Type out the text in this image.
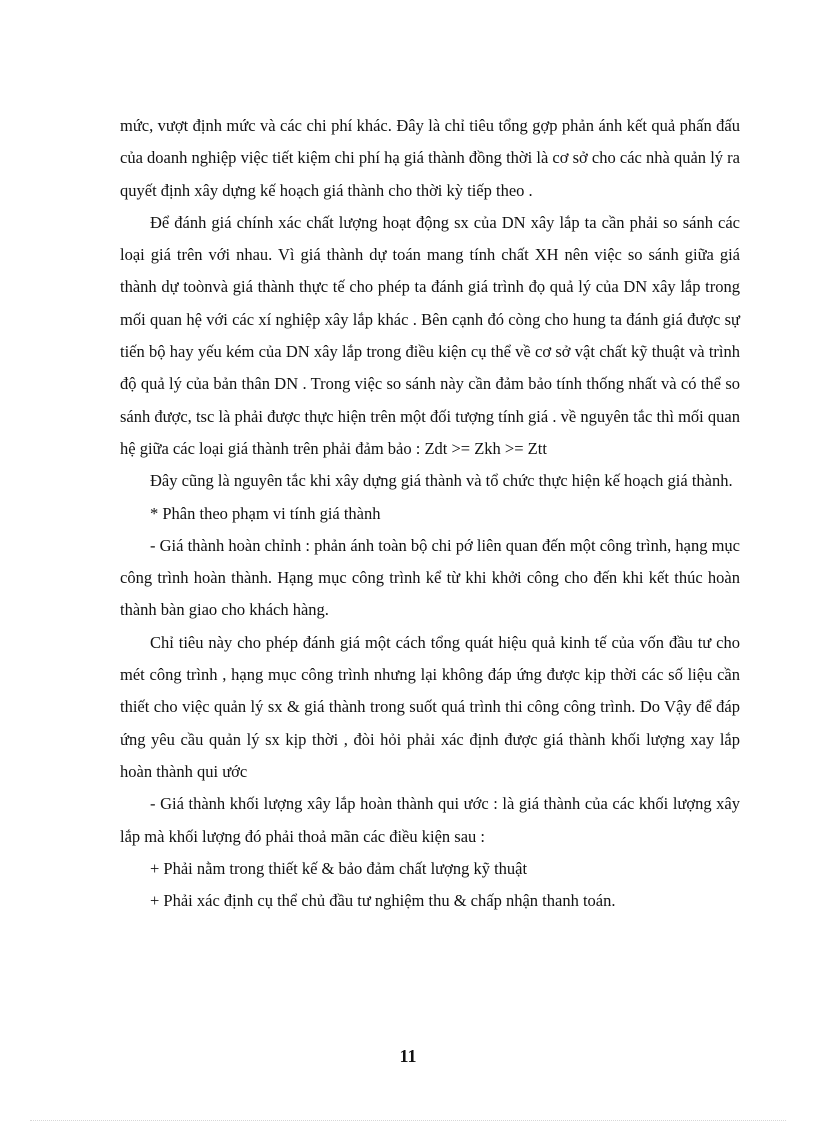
mức, vượt định mức và các chi phí khác. Đây là chỉ tiêu tổng gợp phản ánh kết quả phấn đấu của doanh nghiệp việc tiết kiệm chi phí hạ giá thành đồng thời là cơ sở cho các nhà quản lý ra quyết định xây dựng kế hoạch giá thành cho thời kỳ tiếp theo .

Để đánh giá chính xác chất lượng hoạt động sx của DN xây lắp ta cần phải so sánh các loại giá trên với nhau. Vì giá thành dự toán mang tính chất XH nên việc so sánh giữa giá thành dự toònvà giá thành thực tế cho phép ta đánh giá trình đọ quả lý của DN xây lắp trong mối quan hệ với các xí nghiệp xây lắp khác . Bên cạnh đó còng cho hung ta đánh giá được sự tiến bộ hay yếu kém của DN xây lắp trong điều kiện cụ thể về cơ sở vật chất kỹ thuật và trình độ quả lý của bản thân DN . Trong việc so sánh này cần đảm bảo tính thống nhất và có thể so sánh được, tsc là phải được thực hiện trên một đối tượng tính giá . về nguyên tắc thì mối quan hệ giữa các loại giá thành trên phải đảm bảo : Zdt >= Zkh >= Ztt

Đây cũng là nguyên tắc khi xây dựng giá thành và tổ chức thực hiện kế hoạch giá thành.

* Phân theo phạm vi tính giá thành

- Giá thành hoàn chỉnh : phản ánh toàn bộ chi pớ liên quan đến một công trình, hạng mục công trình hoàn thành. Hạng mục công trình kể từ khi khởi công cho đến khi kết thúc hoàn thành bàn giao cho khách hàng.

Chỉ tiêu này cho phép đánh giá một cách tổng quát hiệu quả kinh tế của vốn đầu tư cho mét công trình , hạng mục công trình nhưng lại không đáp ứng được kịp thời các số liệu cần thiết cho việc quản lý sx & giá thành trong suốt quá trình thi công công trình. Do Vậy để đáp ứng yêu cầu quản lý sx kịp thời , đòi hỏi phải xác định được giá thành khối lượng xay lắp hoàn thành qui ước

- Giá thành khối lượng xây lắp hoàn thành qui ước : là giá thành của các khối lượng xây lắp mà khối lượng đó phải thoả mãn các điều kiện sau :

+ Phải nằm trong thiết kế & bảo đảm chất lượng kỹ thuật

+ Phải xác định cụ thể chủ đầu tư nghiệm thu & chấp nhận thanh toán.

11
